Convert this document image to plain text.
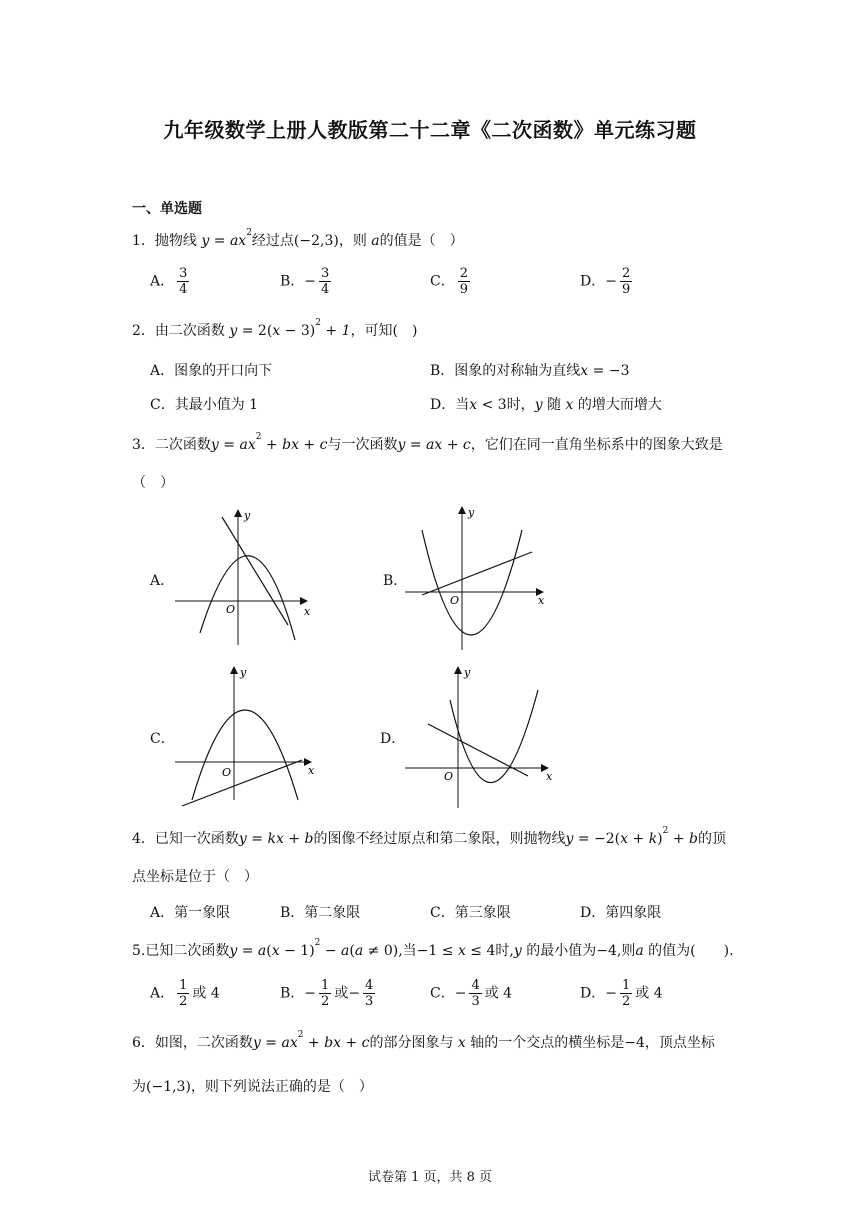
九年级数学上册人教版第二十二章《二次函数》单元练习题
一、单选题
1．抛物线 $y = ax^2$经过点(−2,3)，则 a的值是（　）
A． $\frac{3}{4}$	B．− $\frac{3}{4}$	C． $\frac{2}{9}$	D．− $\frac{2}{9}$
2．由二次函数 $y = 2(x - 3)^2 + 1$，可知(　)
A．图象的开口向下	B．图象的对称轴为直线x = −3
C．其最小值为 1	D．当x < 3时，y 随 x 的增大而增大
3．二次函数$y = ax^2$ + bx + c与一次函数y = ax + c，它们在同一直角坐标系中的图象大致是
（　）
A．
y
x
O
B．
y
x
O
C．
y
x
O
D．
y
x
O
4．已知一次函数y = kx + b的图像不经过原点和第二象限，则抛物线$y = -2(x + k)^2 + b$的顶
点坐标是位于（　）
A．第一象限	B．第二象限	C．第三象限	D．第四象限
5.已知二次函数$y = a(x - 1)^2 - a(a \ne 0)$,当−1 ≤ x ≤ 4时,y 的最小值为−4,则a 的值为(　　).
A． $\frac{1}{2}$ 或 4	B．− $\frac{1}{2}$ 或− $\frac{4}{3}$	C．− $\frac{4}{3}$ 或 4	D．− $\frac{1}{2}$ 或 4
6．如图，二次函数$y = ax^2$ + bx + c的部分图象与 x 轴的一个交点的横坐标是−4，顶点坐标
为(−1,3)，则下列说法正确的是（　）
试卷第 1 页，共 8 页
